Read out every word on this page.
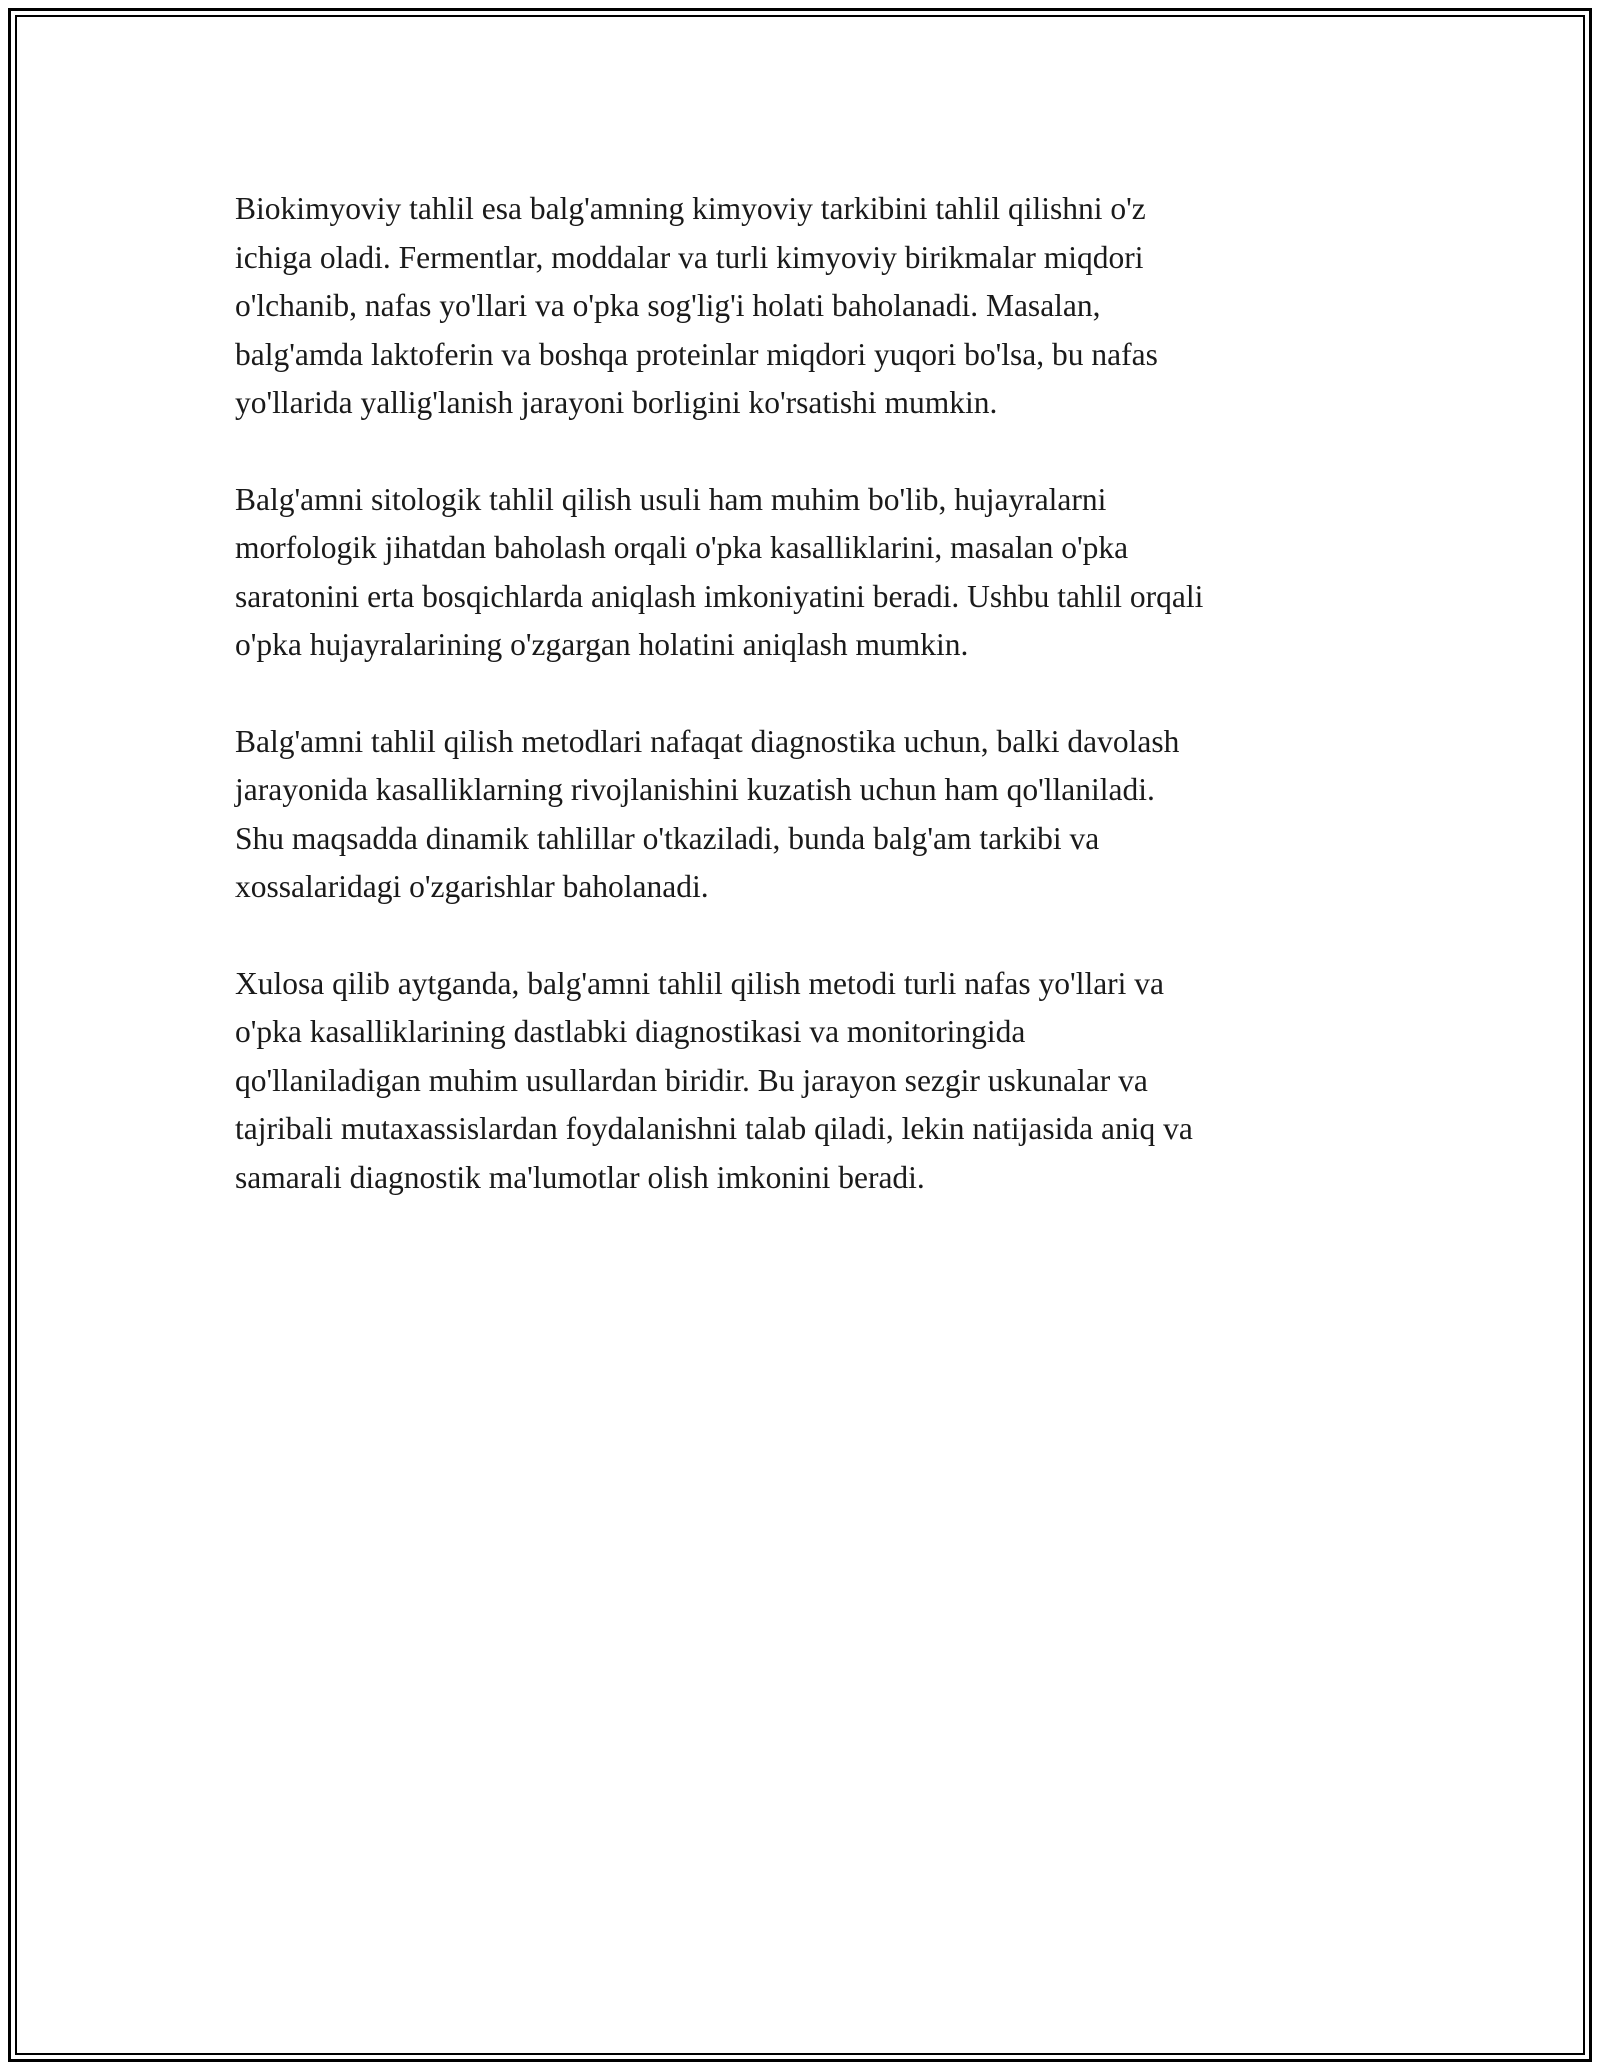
Biokimyoviy tahlil esa balg'amning kimyoviy tarkibini tahlil qilishni o'z
ichiga oladi. Fermentlar, moddalar va turli kimyoviy birikmalar miqdori
o'lchanib, nafas yo'llari va o'pka sog'lig'i holati baholanadi. Masalan,
balg'amda laktoferin va boshqa proteinlar miqdori yuqori bo'lsa, bu nafas
yo'llarida yallig'lanish jarayoni borligini ko'rsatishi mumkin.

Balg'amni sitologik tahlil qilish usuli ham muhim bo'lib, hujayralarni
morfologik jihatdan baholash orqali o'pka kasalliklarini, masalan o'pka
saratonini erta bosqichlarda aniqlash imkoniyatini beradi. Ushbu tahlil orqali
o'pka hujayralarining o'zgargan holatini aniqlash mumkin.

Balg'amni tahlil qilish metodlari nafaqat diagnostika uchun, balki davolash
jarayonida kasalliklarning rivojlanishini kuzatish uchun ham qo'llaniladi.
Shu maqsadda dinamik tahlillar o'tkaziladi, bunda balg'am tarkibi va
xossalaridagi o'zgarishlar baholanadi.

Xulosa qilib aytganda, balg'amni tahlil qilish metodi turli nafas yo'llari va
o'pka kasalliklarining dastlabki diagnostikasi va monitoringida
qo'llaniladigan muhim usullardan biridir. Bu jarayon sezgir uskunalar va
tajribali mutaxassislardan foydalanishni talab qiladi, lekin natijasida aniq va
samarali diagnostik ma'lumotlar olish imkonini beradi.
